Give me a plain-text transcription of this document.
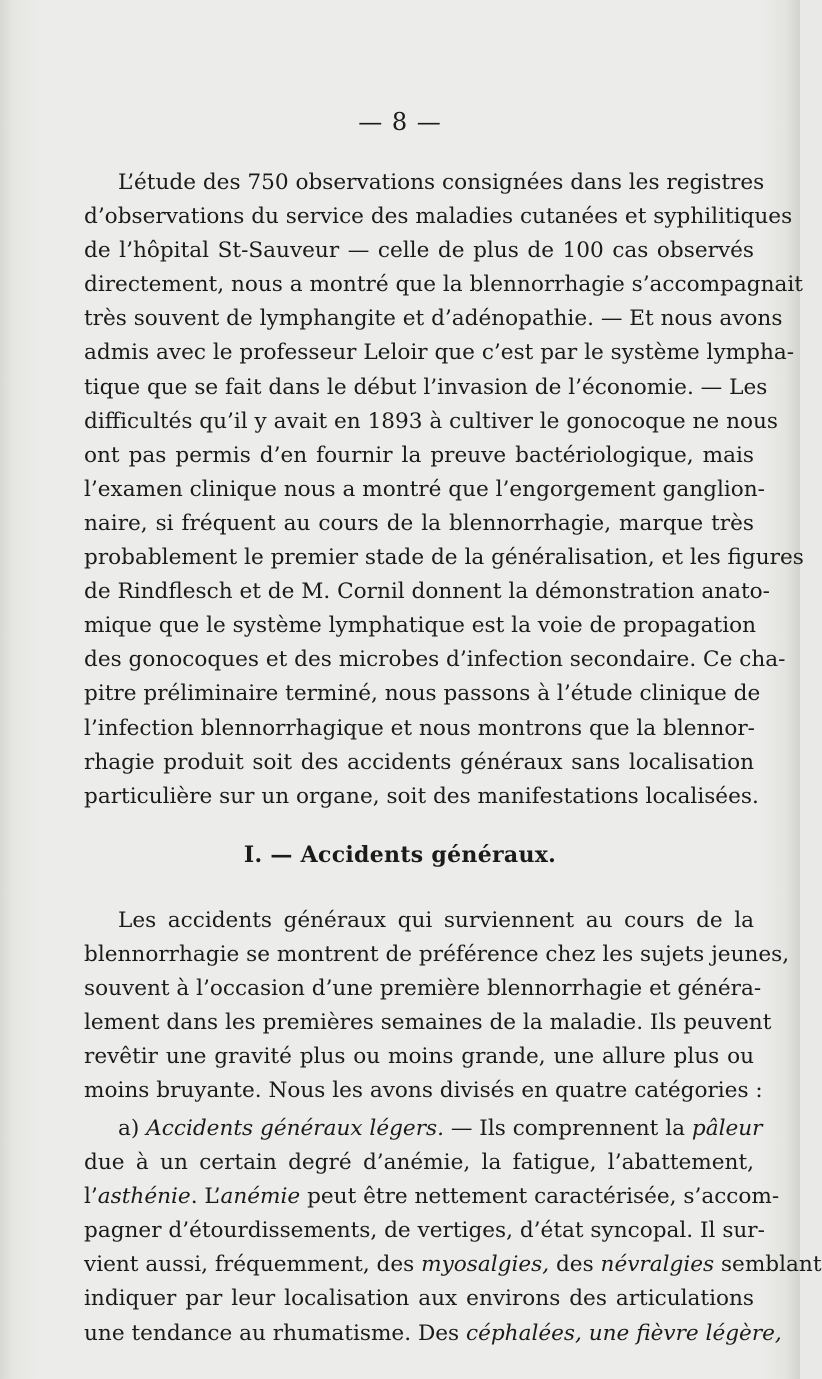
— 8 —
L’étude des 750 observations consignées dans les registres
d’observations du service des maladies cutanées et syphilitiques
de l’hôpital St-Sauveur — celle de plus de 100 cas observés
directement, nous a montré que la blennorrhagie s’accompagnait
très souvent de lymphangite et d’adénopathie. — Et nous avons
admis avec le professeur Leloir que c’est par le système lympha-
tique que se fait dans le début l’invasion de l’économie. — Les
difficultés qu’il y avait en 1893 à cultiver le gonocoque ne nous
ont pas permis d’en fournir la preuve bactériologique, mais
l’examen clinique nous a montré que l’engorgement ganglion-
naire, si fréquent au cours de la blennorrhagie, marque très
probablement le premier stade de la généralisation, et les figures
de Rindflesch et de M. Cornil donnent la démonstration anato-
mique que le système lymphatique est la voie de propagation
des gonocoques et des microbes d’infection secondaire. Ce cha-
pitre préliminaire terminé, nous passons à l’étude clinique de
l’infection blennorrhagique et nous montrons que la blennor-
rhagie produit soit des accidents généraux sans localisation
particulière sur un organe, soit des manifestations localisées.
I. — Accidents généraux.
Les accidents généraux qui surviennent au cours de la
blennorrhagie se montrent de préférence chez les sujets jeunes,
souvent à l’occasion d’une première blennorrhagie et généra-
lement dans les premières semaines de la maladie. Ils peuvent
revêtir une gravité plus ou moins grande, une allure plus ou
moins bruyante. Nous les avons divisés en quatre catégories :
a) Accidents généraux légers. — Ils comprennent la pâleur
due à un certain degré d’anémie, la fatigue, l’abattement,
l’asthénie. L’anémie peut être nettement caractérisée, s’accom-
pagner d’étourdissements, de vertiges, d’état syncopal. Il sur-
vient aussi, fréquemment, des myosalgies, des névralgies semblant
indiquer par leur localisation aux environs des articulations
une tendance au rhumatisme. Des céphalées, une fièvre légère,
